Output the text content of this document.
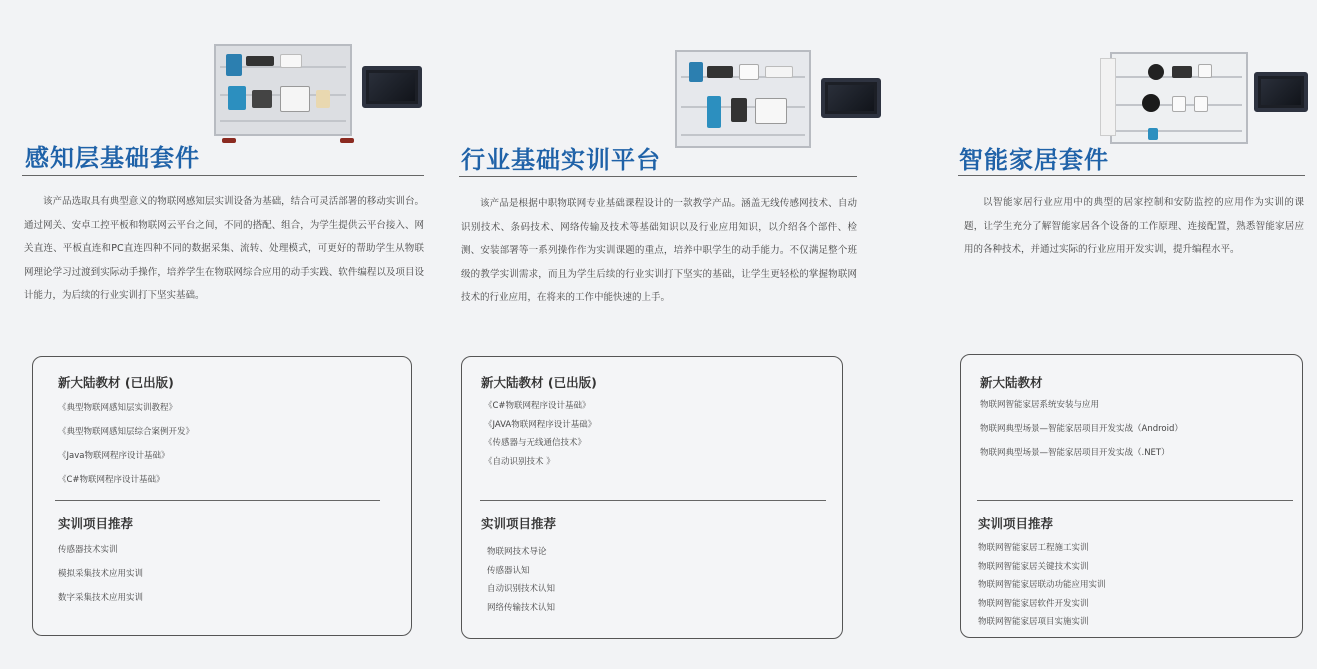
感知层基础套件

该产品选取具有典型意义的物联网感知层实训设备为基础，结合可灵活部署的移动实训台。通过网关、安卓工控平板和物联网云平台之间，不同的搭配、组合，为学生提供云平台接入、网关直连、平板直连和PC直连四种不同的数据采集、流转、处理模式，可更好的帮助学生从物联网理论学习过渡到实际动手操作，培养学生在物联网综合应用的动手实践、软件编程以及项目设计能力，为后续的行业实训打下坚实基础。

新大陆教材 (已出版)
《典型物联网感知层实训教程》
《典型物联网感知层综合案例开发》
《Java物联网程序设计基础》
《C#物联网程序设计基础》
实训项目推荐
传感器技术实训
模拟采集技术应用实训
数字采集技术应用实训
行业基础实训平台

该产品是根据中职物联网专业基础课程设计的一款教学产品。涵盖无线传感网技术、自动识别技术、条码技术、网络传输及技术等基础知识以及行业应用知识，以介绍各个部件、检测、安装部署等一系列操作作为实训课题的重点，培养中职学生的动手能力。不仅满足整个班级的教学实训需求，而且为学生后续的行业实训打下坚实的基础，让学生更轻松的掌握物联网技术的行业应用，在将来的工作中能快速的上手。

新大陆教材 (已出版)
《C#物联网程序设计基础》
《JAVA物联网程序设计基础》
《传感器与无线通信技术》
《自动识别技术 》
实训项目推荐
物联网技术导论
传感器认知
自动识别技术认知
网络传输技术认知
智能家居套件

以智能家居行业应用中的典型的居家控制和安防监控的应用作为实训的课题，让学生充分了解智能家居各个设备的工作原理、连接配置，熟悉智能家居应用的各种技术，并通过实际的行业应用开发实训，提升编程水平。

新大陆教材
物联网智能家居系统安装与应用
物联网典型场景—智能家居项目开发实战（Android）
物联网典型场景—智能家居项目开发实战（.NET）
实训项目推荐
物联网智能家居工程施工实训
物联网智能家居关键技术实训
物联网智能家居联动功能应用实训
物联网智能家居软件开发实训
物联网智能家居项目实施实训
